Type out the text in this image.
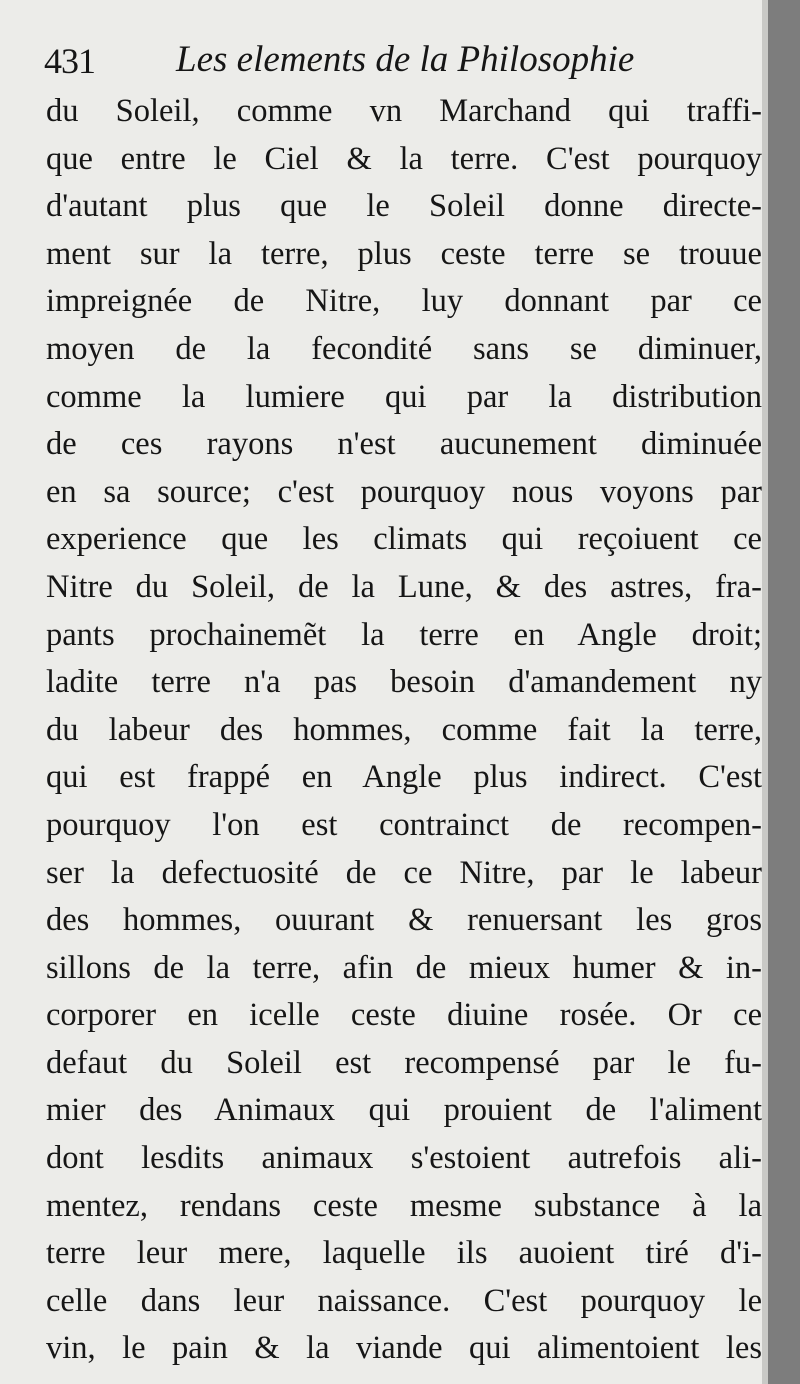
431 Les elements de la Philosophie
du Soleil, comme vn Marchand qui traffi-
que entre le Ciel & la terre. C'est pourquoy
d'autant plus que le Soleil donne directe-
ment sur la terre, plus ceste terre se trouue
impreignée de Nitre, luy donnant par ce
moyen de la fecondité sans se diminuer,
comme la lumiere qui par la distribution
de ces rayons n'est aucunement diminuée
en sa source; c'est pourquoy nous voyons par
experience que les climats qui reçoiuent ce
Nitre du Soleil, de la Lune, & des astres, fra-
pants prochainemẽt la terre en Angle droit;
ladite terre n'a pas besoin d'amandement ny
du labeur des hommes, comme fait la terre,
qui est frappé en Angle plus indirect. C'est
pourquoy l'on est contrainct de recompen-
ser la defectuosité de ce Nitre, par le labeur
des hommes, ouurant & renuersant les gros
sillons de la terre, afin de mieux humer & in-
corporer en icelle ceste diuine rosée. Or ce
defaut du Soleil est recompensé par le fu-
mier des Animaux qui prouient de l'aliment
dont lesdits animaux s'estoient autrefois ali-
mentez, rendans ceste mesme substance à la
terre leur mere, laquelle ils auoient tiré d'i-
celle dans leur naissance. C'est pourquoy le
vin, le pain & la viande qui alimentoient les
